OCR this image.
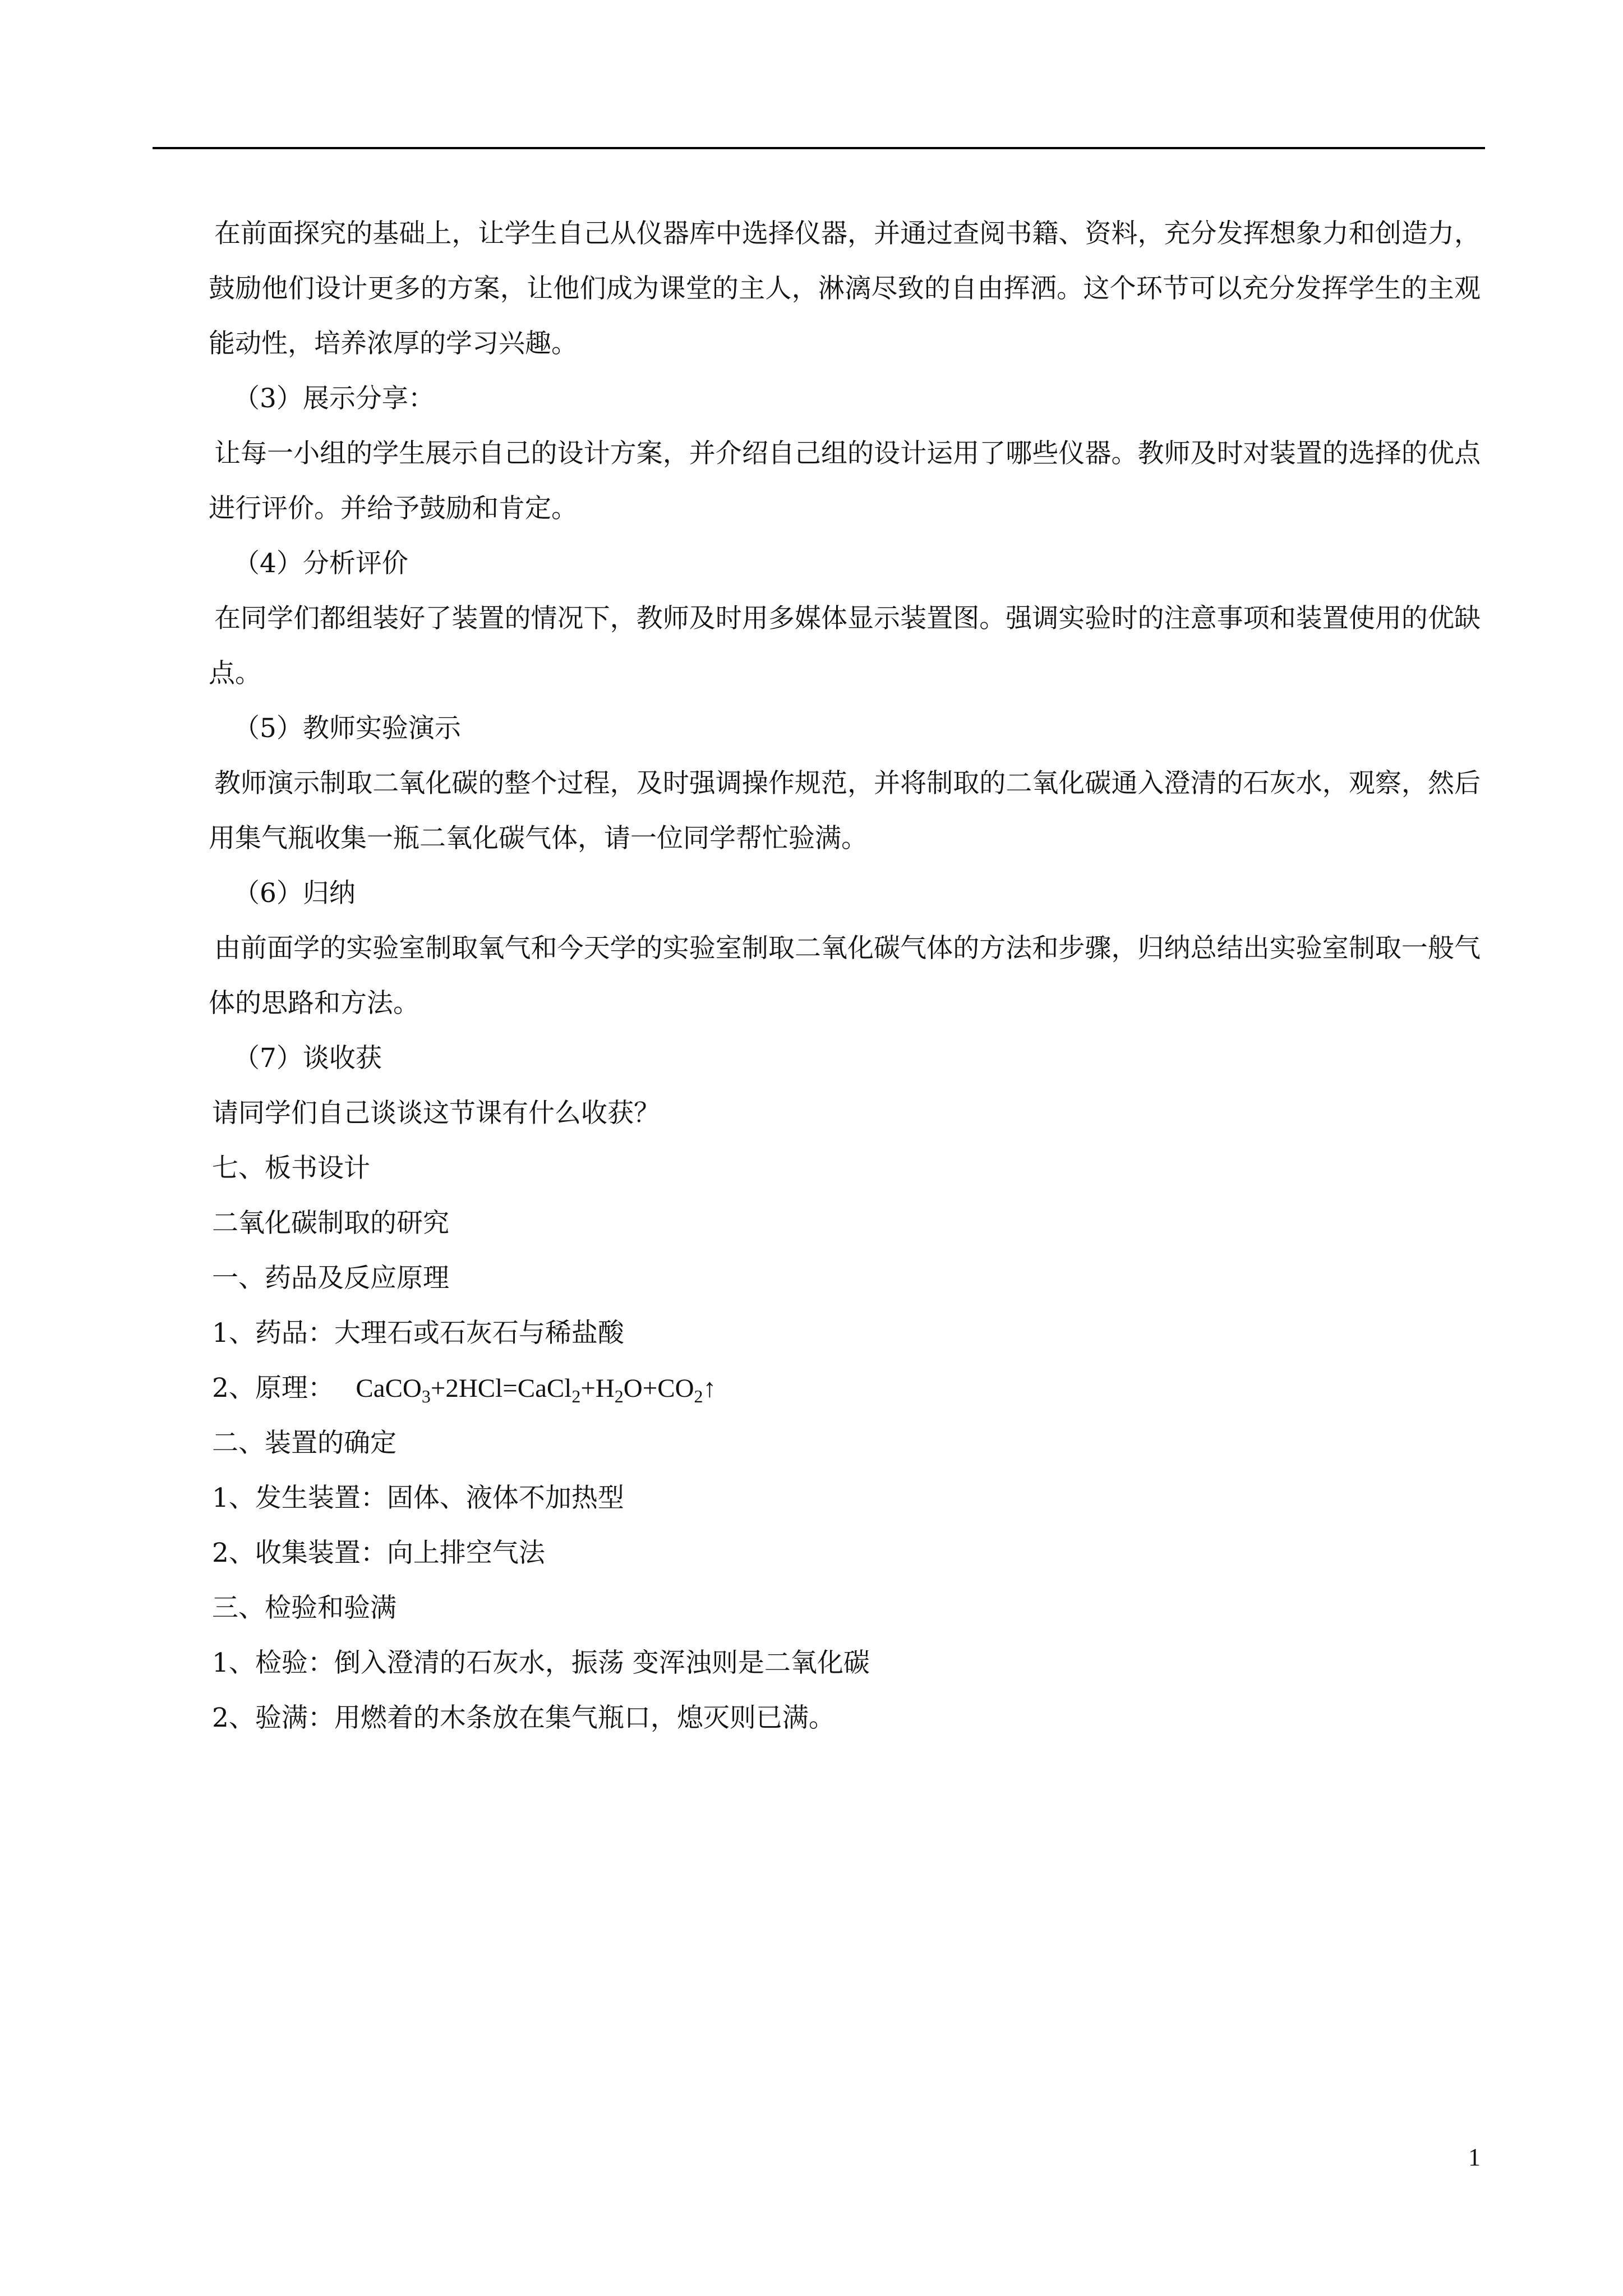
在前面探究的基础上，让学生自己从仪器库中选择仪器，并通过查阅书籍、资料，充分发挥想象力和创造力，鼓励他们设计更多的方案，让他们成为课堂的主人，淋漓尽致的自由挥洒。这个环节可以充分发挥学生的主观能动性，培养浓厚的学习兴趣。

（3）展示分享：

让每一小组的学生展示自己的设计方案，并介绍自己组的设计运用了哪些仪器。教师及时对装置的选择的优点进行评价。并给予鼓励和肯定。

（4）分析评价

在同学们都组装好了装置的情况下，教师及时用多媒体显示装置图。强调实验时的注意事项和装置使用的优缺点。

（5）教师实验演示

教师演示制取二氧化碳的整个过程，及时强调操作规范，并将制取的二氧化碳通入澄清的石灰水，观察，然后用集气瓶收集一瓶二氧化碳气体，请一位同学帮忙验满。

（6）归纳

由前面学的实验室制取氧气和今天学的实验室制取二氧化碳气体的方法和步骤，归纳总结出实验室制取一般气体的思路和方法。

（7）谈收获

请同学们自己谈谈这节课有什么收获？

七、板书设计

二氧化碳制取的研究

一、药品及反应原理

1、药品：大理石或石灰石与稀盐酸

2、原理： $CaCO_3+2HCl=CaCl_2+H_2O+CO_2↑$

二、装置的确定

1、发生装置：固体、液体不加热型

2、收集装置：向上排空气法

三、检验和验满

1、检验：倒入澄清的石灰水，振荡 变浑浊则是二氧化碳

2、验满：用燃着的木条放在集气瓶口，熄灭则已满。

1
